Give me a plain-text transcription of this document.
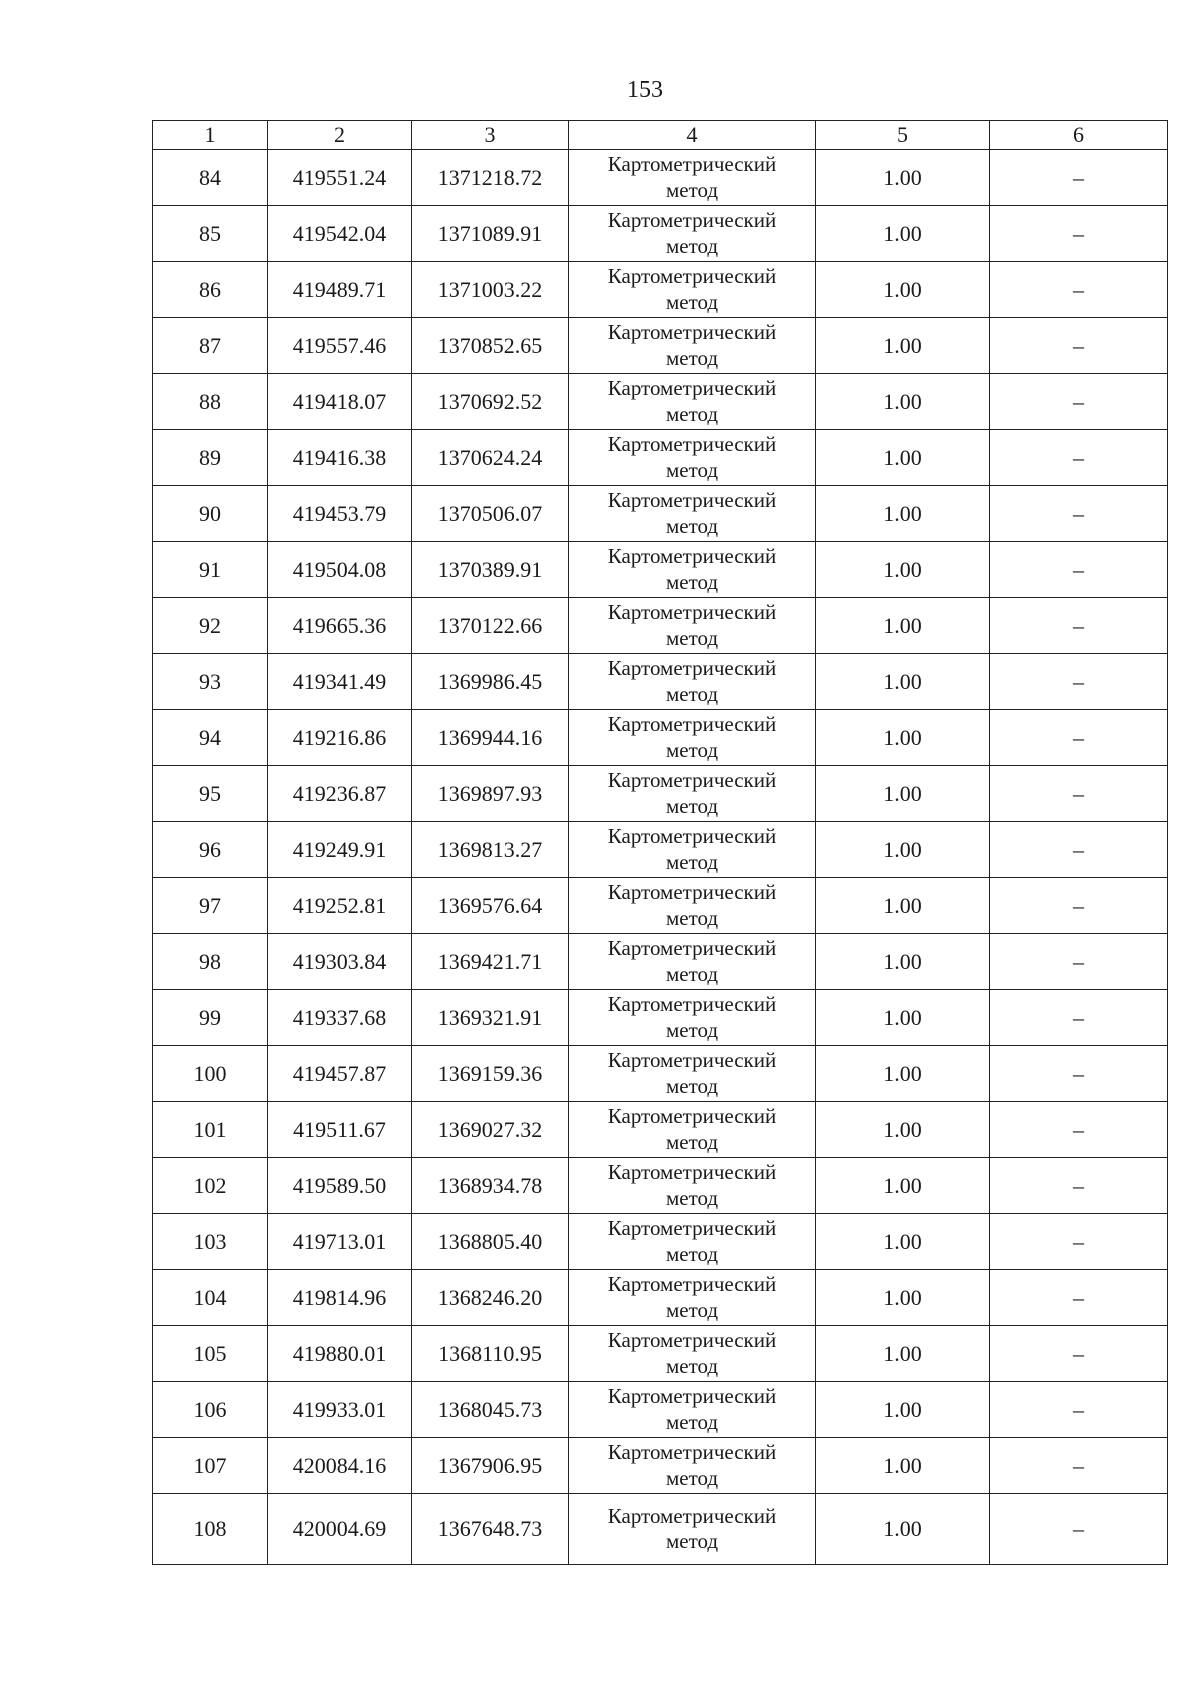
153
1	2	3	4	5	6
84	419551.24	1371218.72	Картометрический
метод	1.00	–
85	419542.04	1371089.91	Картометрический
метод	1.00	–
86	419489.71	1371003.22	Картометрический
метод	1.00	–
87	419557.46	1370852.65	Картометрический
метод	1.00	–
88	419418.07	1370692.52	Картометрический
метод	1.00	–
89	419416.38	1370624.24	Картометрический
метод	1.00	–
90	419453.79	1370506.07	Картометрический
метод	1.00	–
91	419504.08	1370389.91	Картометрический
метод	1.00	–
92	419665.36	1370122.66	Картометрический
метод	1.00	–
93	419341.49	1369986.45	Картометрический
метод	1.00	–
94	419216.86	1369944.16	Картометрический
метод	1.00	–
95	419236.87	1369897.93	Картометрический
метод	1.00	–
96	419249.91	1369813.27	Картометрический
метод	1.00	–
97	419252.81	1369576.64	Картометрический
метод	1.00	–
98	419303.84	1369421.71	Картометрический
метод	1.00	–
99	419337.68	1369321.91	Картометрический
метод	1.00	–
100	419457.87	1369159.36	Картометрический
метод	1.00	–
101	419511.67	1369027.32	Картометрический
метод	1.00	–
102	419589.50	1368934.78	Картометрический
метод	1.00	–
103	419713.01	1368805.40	Картометрический
метод	1.00	–
104	419814.96	1368246.20	Картометрический
метод	1.00	–
105	419880.01	1368110.95	Картометрический
метод	1.00	–
106	419933.01	1368045.73	Картометрический
метод	1.00	–
107	420084.16	1367906.95	Картометрический
метод	1.00	–
108	420004.69	1367648.73	Картометрический
метод	1.00	–
